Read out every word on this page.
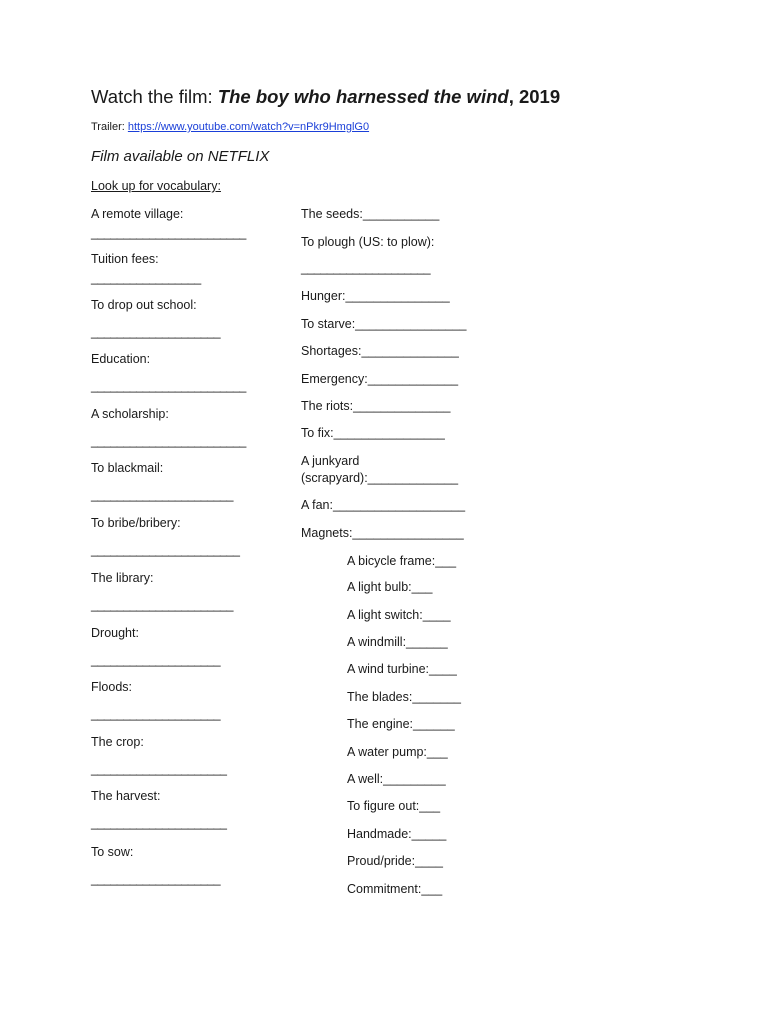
Watch the film: The boy who harnessed the wind, 2019
Trailer: https://www.youtube.com/watch?v=nPkr9HmglG0
Film available on NETFLIX
Look up for vocabulary:
A remote village:
________________________
Tuition fees:
_________________
To drop out school:
____________________
Education:
________________________
A scholarship:
________________________
To blackmail:
______________________
To bribe/bribery:
_______________________
The library:
______________________
Drought:
____________________
Floods:
____________________
The crop:
_____________________
The harvest:
_____________________
To sow:
____________________
The seeds:___________
To plough (US: to plow):
____________________
Hunger:_______________
To starve:________________
Shortages:______________
Emergency:_____________
The riots:______________
To fix:________________
A junkyard
(scrapyard):_____________
A fan:___________________
Magnets:________________
A bicycle frame:___
A light bulb:___
A light switch:____
A windmill:______
A wind turbine:____
The blades:_______
The engine:______
A water pump:___
A well:_________
To figure out:___
Handmade:_____
Proud/pride:____
Commitment:___
